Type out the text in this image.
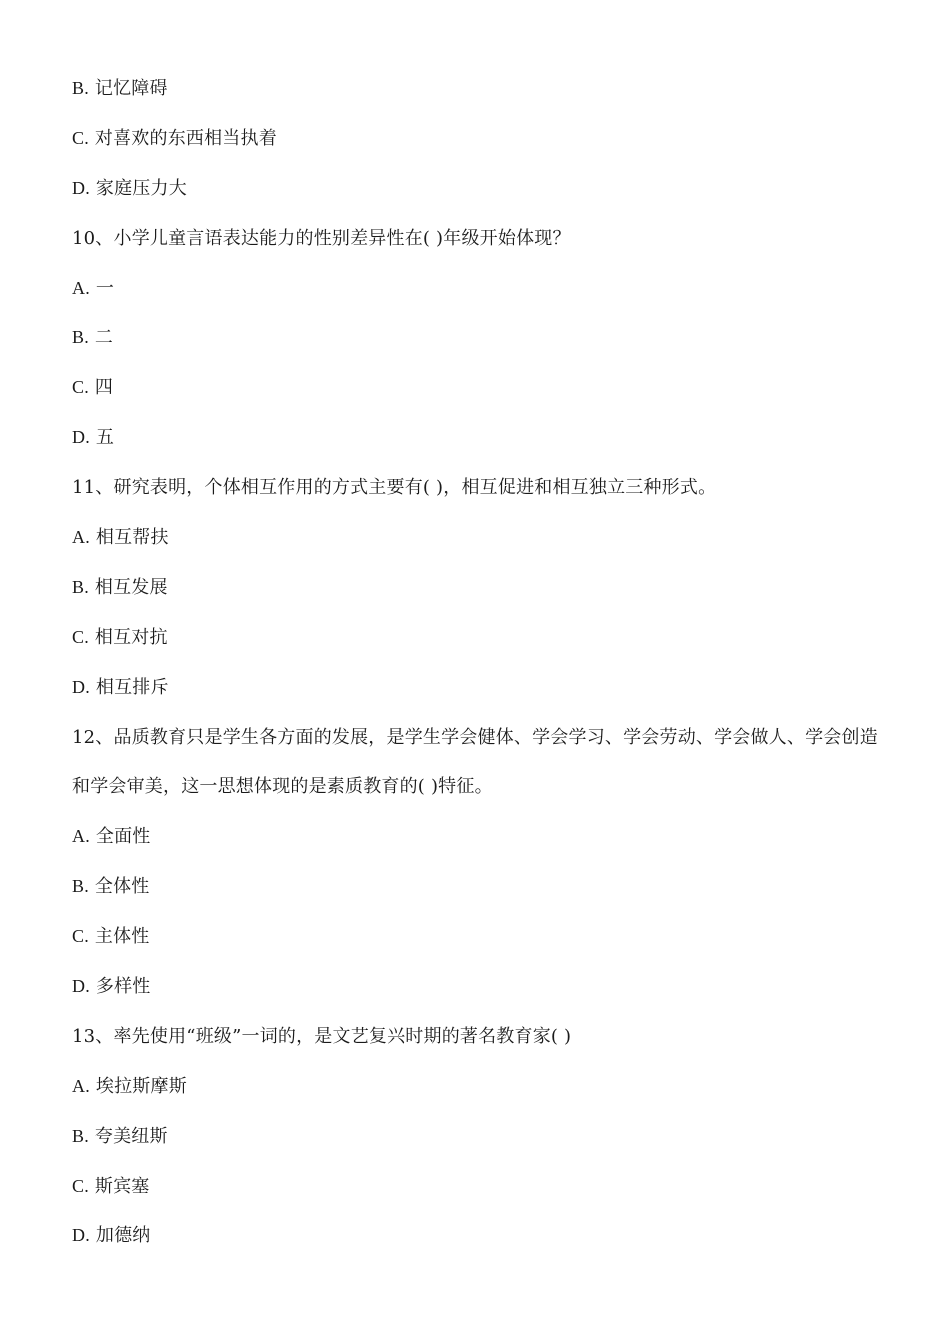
B. 记忆障碍
C. 对喜欢的东西相当执着
D. 家庭压力大
10、小学儿童言语表达能力的性别差异性在( )年级开始体现？
A. 一
B. 二
C. 四
D. 五
11、研究表明，个体相互作用的方式主要有( )，相互促进和相互独立三种形式。
A. 相互帮扶
B. 相互发展
C. 相互对抗
D. 相互排斥
12、品质教育只是学生各方面的发展，是学生学会健体、学会学习、学会劳动、学会做人、学会创造
和学会审美，这一思想体现的是素质教育的( )特征。
A. 全面性
B. 全体性
C. 主体性
D. 多样性
13、率先使用“班级”一词的，是文艺复兴时期的著名教育家( )
A. 埃拉斯摩斯
B. 夸美纽斯
C. 斯宾塞
D. 加德纳
